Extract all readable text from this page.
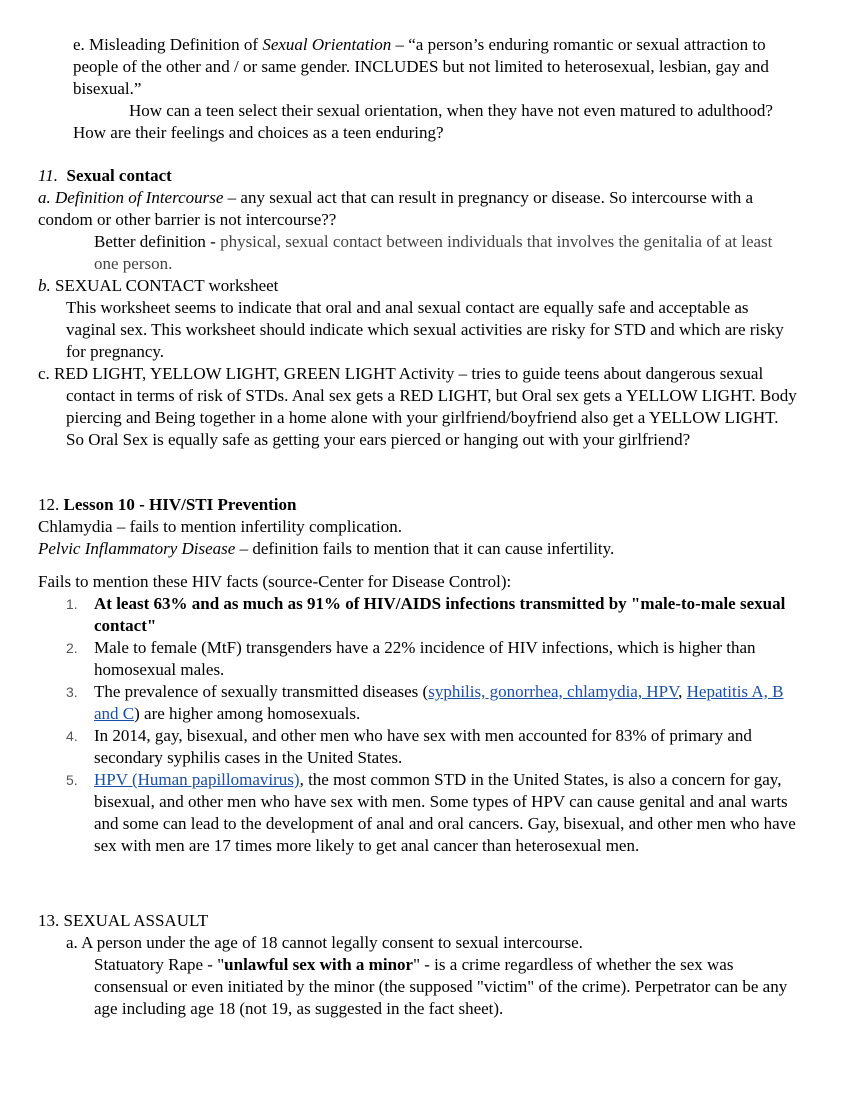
e. Misleading Definition of Sexual Orientation – “a person’s enduring romantic or sexual attraction to people of the other and / or same gender. INCLUDES but not limited to heterosexual, lesbian, gay and bisexual.”

How can a teen select their sexual orientation, when they have not even matured to adulthood? How are their feelings and choices as a teen enduring?

11. Sexual contact

a. Definition of Intercourse – any sexual act that can result in pregnancy or disease. So intercourse with a condom or other barrier is not intercourse??

Better definition - physical, sexual contact between individuals that involves the genitalia of at least one person.

b. SEXUAL CONTACT worksheet

This worksheet seems to indicate that oral and anal sexual contact are equally safe and acceptable as vaginal sex. This worksheet should indicate which sexual activities are risky for STD and which are risky for pregnancy.

c. RED LIGHT, YELLOW LIGHT, GREEN LIGHT Activity – tries to guide teens about dangerous sexual contact in terms of risk of STDs. Anal sex gets a RED LIGHT, but Oral sex gets a YELLOW LIGHT. Body piercing and Being together in a home alone with your girlfriend/boyfriend also get a YELLOW LIGHT. So Oral Sex is equally safe as getting your ears pierced or hanging out with your girlfriend?

12. Lesson 10 - HIV/STI Prevention

Chlamydia – fails to mention infertility complication.

Pelvic Inflammatory Disease – definition fails to mention that it can cause infertility.

Fails to mention these HIV facts (source-Center for Disease Control):

1. At least 63% and as much as 91% of HIV/AIDS infections transmitted by "male-to-male sexual contact"
2. Male to female (MtF) transgenders have a 22% incidence of HIV infections, which is higher than homosexual males.
3. The prevalence of sexually transmitted diseases (syphilis, gonorrhea, chlamydia, HPV, Hepatitis A, B and C) are higher among homosexuals.
4. In 2014, gay, bisexual, and other men who have sex with men accounted for 83% of primary and secondary syphilis cases in the United States.
5. HPV (Human papillomavirus), the most common STD in the United States, is also a concern for gay, bisexual, and other men who have sex with men. Some types of HPV can cause genital and anal warts and some can lead to the development of anal and oral cancers. Gay, bisexual, and other men who have sex with men are 17 times more likely to get anal cancer than heterosexual men.

13. SEXUAL ASSAULT

a. A person under the age of 18 cannot legally consent to sexual intercourse.

Statuatory Rape - "unlawful sex with a minor" - is a crime regardless of whether the sex was consensual or even initiated by the minor (the supposed "victim" of the crime). Perpetrator can be any age including age 18 (not 19, as suggested in the fact sheet).
